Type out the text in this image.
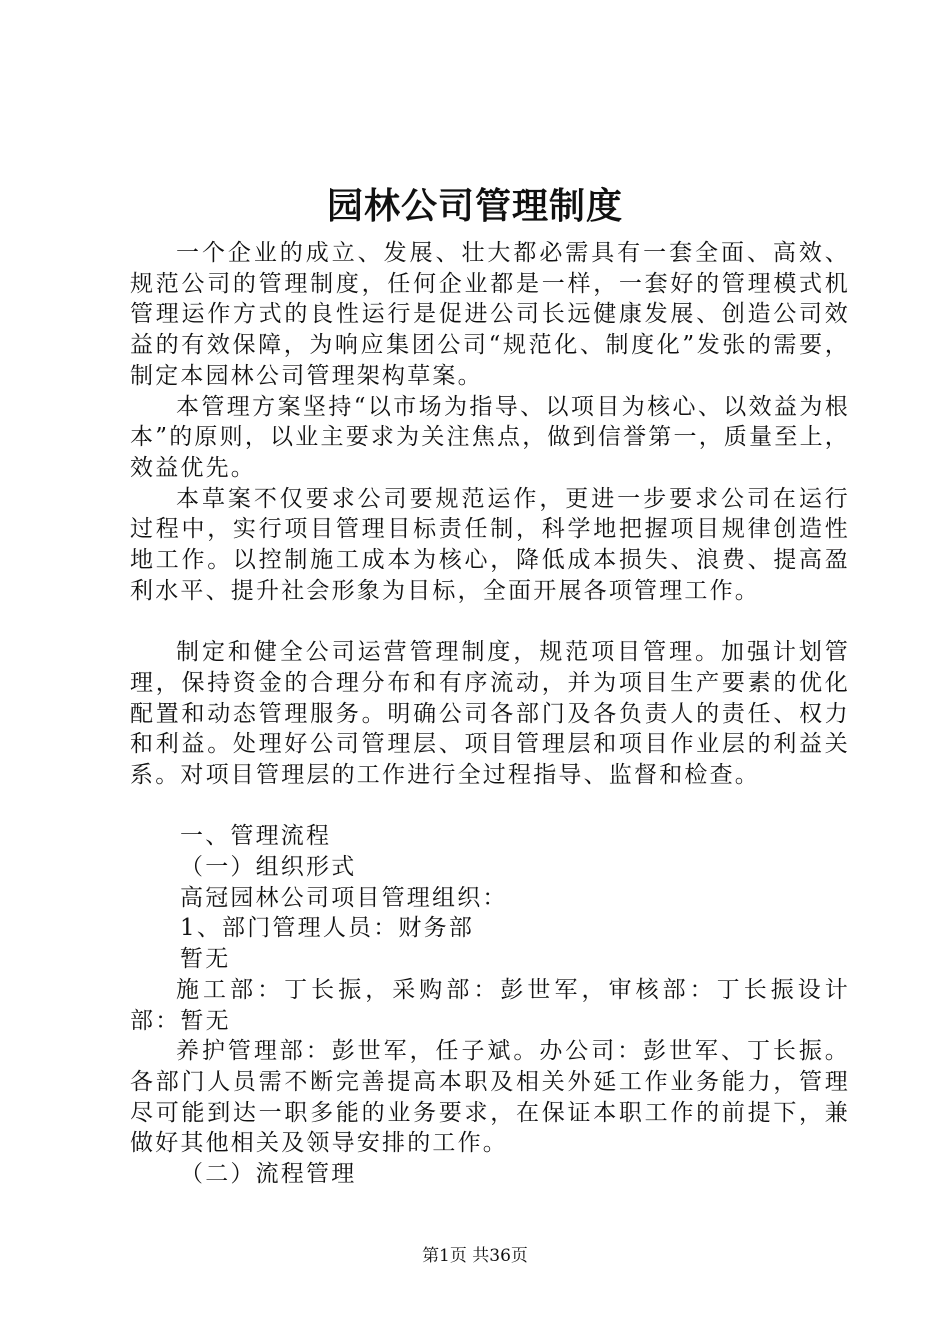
园林公司管理制度

一个企业的成立、发展、壮大都必需具有一套全面、高效、规范公司的管理制度，任何企业都是一样，一套好的管理模式机管理运作方式的良性运行是促进公司长远健康发展、创造公司效益的有效保障，为响应集团公司“规范化、制度化”发张的需要，制定本园林公司管理架构草案。

本管理方案坚持“以市场为指导、以项目为核心、以效益为根本”的原则，以业主要求为关注焦点，做到信誉第一，质量至上，效益优先。

本草案不仅要求公司要规范运作，更进一步要求公司在运行过程中，实行项目管理目标责任制，科学地把握项目规律创造性地工作。以控制施工成本为核心，降低成本损失、浪费、提高盈利水平、提升社会形象为目标，全面开展各项管理工作。

制定和健全公司运营管理制度，规范项目管理。加强计划管理，保持资金的合理分布和有序流动，并为项目生产要素的优化配置和动态管理服务。明确公司各部门及各负责人的责任、权力和利益。处理好公司管理层、项目管理层和项目作业层的利益关系。对项目管理层的工作进行全过程指导、监督和检查。

一、管理流程

（一）组织形式

高冠园林公司项目管理组织：

1、部门管理人员：财务部

暂无

施工部：丁长振，采购部：彭世军，审核部：丁长振设计部：暂无

养护管理部：彭世军，任子斌。办公司：彭世军、丁长振。各部门人员需不断完善提高本职及相关外延工作业务能力，管理尽可能到达一职多能的业务要求，在保证本职工作的前提下，兼做好其他相关及领导安排的工作。

（二）流程管理

第1页 共36页
